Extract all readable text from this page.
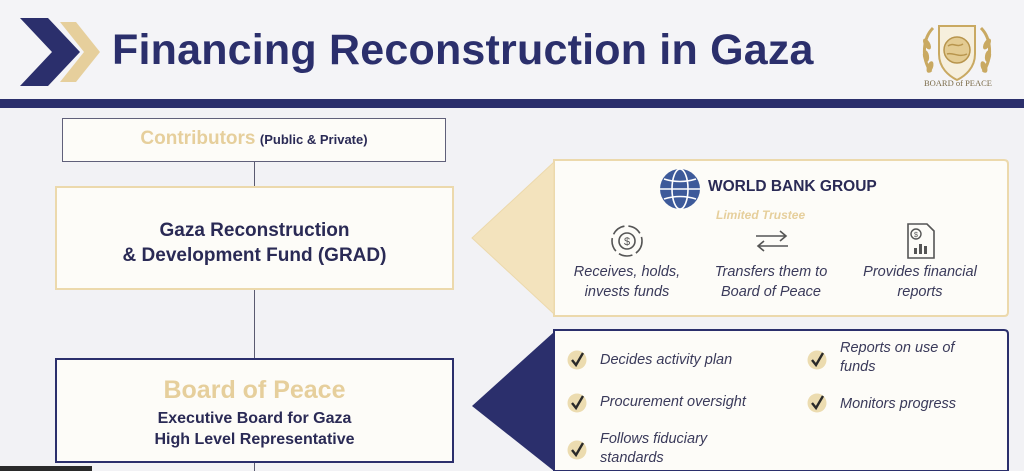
Financing Reconstruction in Gaza
BOARD of PEACE
Contributors (Public & Private)
Gaza Reconstruction
& Development Fund (GRAD)
Board of Peace
Executive Board for Gaza
High Level Representative
WORLD BANK GROUP
Limited Trustee
$
$
Receives, holds,
invests funds
Transfers them to
Board of Peace
Provides financial
reports
Decides activity plan
Reports on use of
funds
Procurement oversight	Monitors progress
Follows fiduciary
standards
